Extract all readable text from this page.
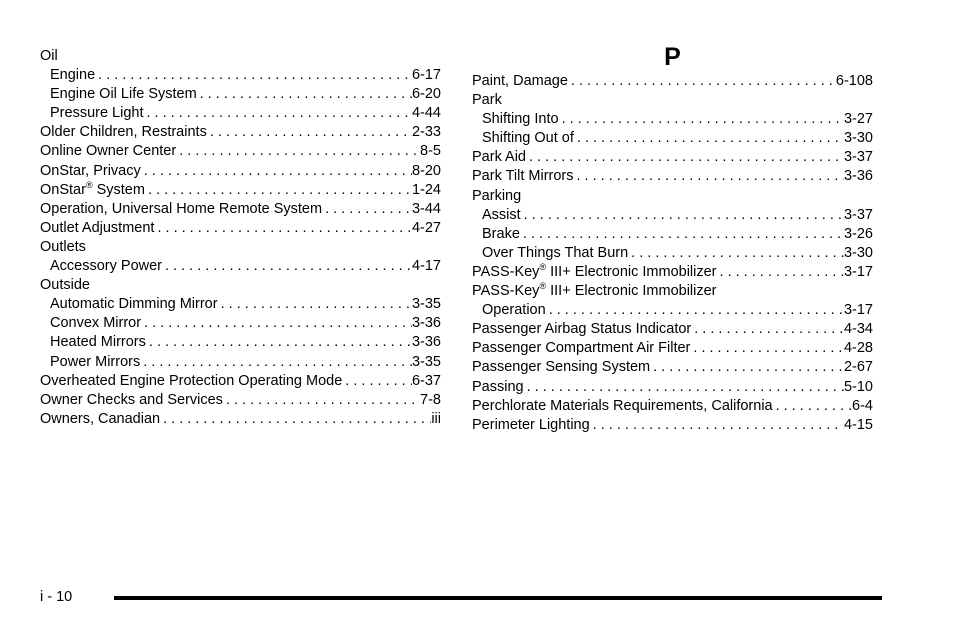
Oil
Engine . . .	6-17
Engine Oil Life System . . .	6-20
Pressure Light . . .	4-44
Older Children, Restraints . . .	2-33
Online Owner Center . . .	8-5
OnStar, Privacy . . .	8-20
OnStar® System . . .	1-24
Operation, Universal Home Remote System . . .	3-44
Outlet Adjustment . . .	4-27
Outlets
Accessory Power . . .	4-17
Outside
Automatic Dimming Mirror . . .	3-35
Convex Mirror . . .	3-36
Heated Mirrors . . .	3-36
Power Mirrors . . .	3-35
Overheated Engine Protection Operating Mode . . .	6-37
Owner Checks and Services . . .	7-8
Owners, Canadian . . .	iii
P
Paint, Damage . . .	6-108
Park
Shifting Into . . .	3-27
Shifting Out of . . .	3-30
Park Aid . . .	3-37
Park Tilt Mirrors . . .	3-36
Parking
Assist . . .	3-37
Brake . . .	3-26
Over Things That Burn . . .	3-30
PASS-Key® III+ Electronic Immobilizer . . .	3-17
PASS-Key® III+ Electronic Immobilizer
Operation . . .	3-17
Passenger Airbag Status Indicator . . .	4-34
Passenger Compartment Air Filter . . .	4-28
Passenger Sensing System . . .	2-67
Passing . . .	5-10
Perchlorate Materials Requirements, California . . .	6-4
Perimeter Lighting . . .	4-15
i - 10
